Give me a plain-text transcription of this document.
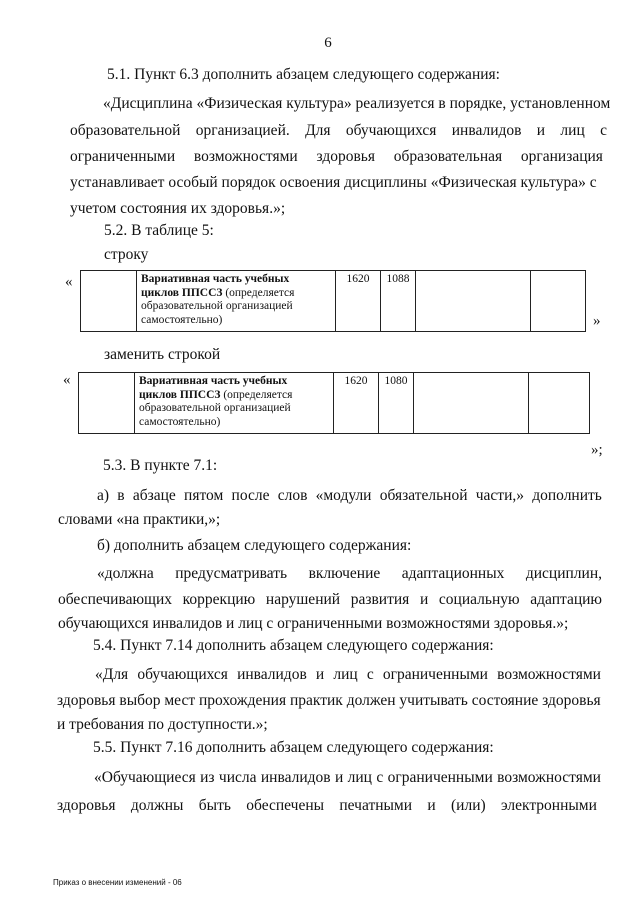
6
5.1. Пункт 6.3 дополнить абзацем следующего содержания:
«Дисциплина «Физическая культура» реализуется в порядке, установленном
образовательной организацией. Для обучающихся инвалидов и лиц с
ограниченными возможностями здоровья образовательная организация
устанавливает особый порядок освоения дисциплины «Физическая культура» с
учетом состояния их здоровья.»;
5.2. В таблице 5:
строку
«
		Вариативная часть учебных
циклов ППССЗ (определяется
образовательной организацией
самостоятельно)	1620	1088		
»
заменить строкой
«
		Вариативная часть учебных
циклов ППССЗ (определяется
образовательной организацией
самостоятельно)	1620	1080		
»;
5.3. В пункте 7.1:
а) в абзаце пятом после слов «модули обязательной части,» дополнить
словами «на практики,»;
б) дополнить абзацем следующего содержания:
«должна предусматривать включение адаптационных дисциплин,
обеспечивающих коррекцию нарушений развития и социальную адаптацию
обучающихся инвалидов и лиц с ограниченными возможностями здоровья.»;
5.4. Пункт 7.14 дополнить абзацем следующего содержания:
«Для обучающихся инвалидов и лиц с ограниченными возможностями
здоровья выбор мест прохождения практик должен учитывать состояние здоровья
и требования по доступности.»;
5.5. Пункт 7.16 дополнить абзацем следующего содержания:
«Обучающиеся из числа инвалидов и лиц с ограниченными возможностями
здоровья должны быть обеспечены печатными и (или) электронными
Приказ о внесении изменений - 06
